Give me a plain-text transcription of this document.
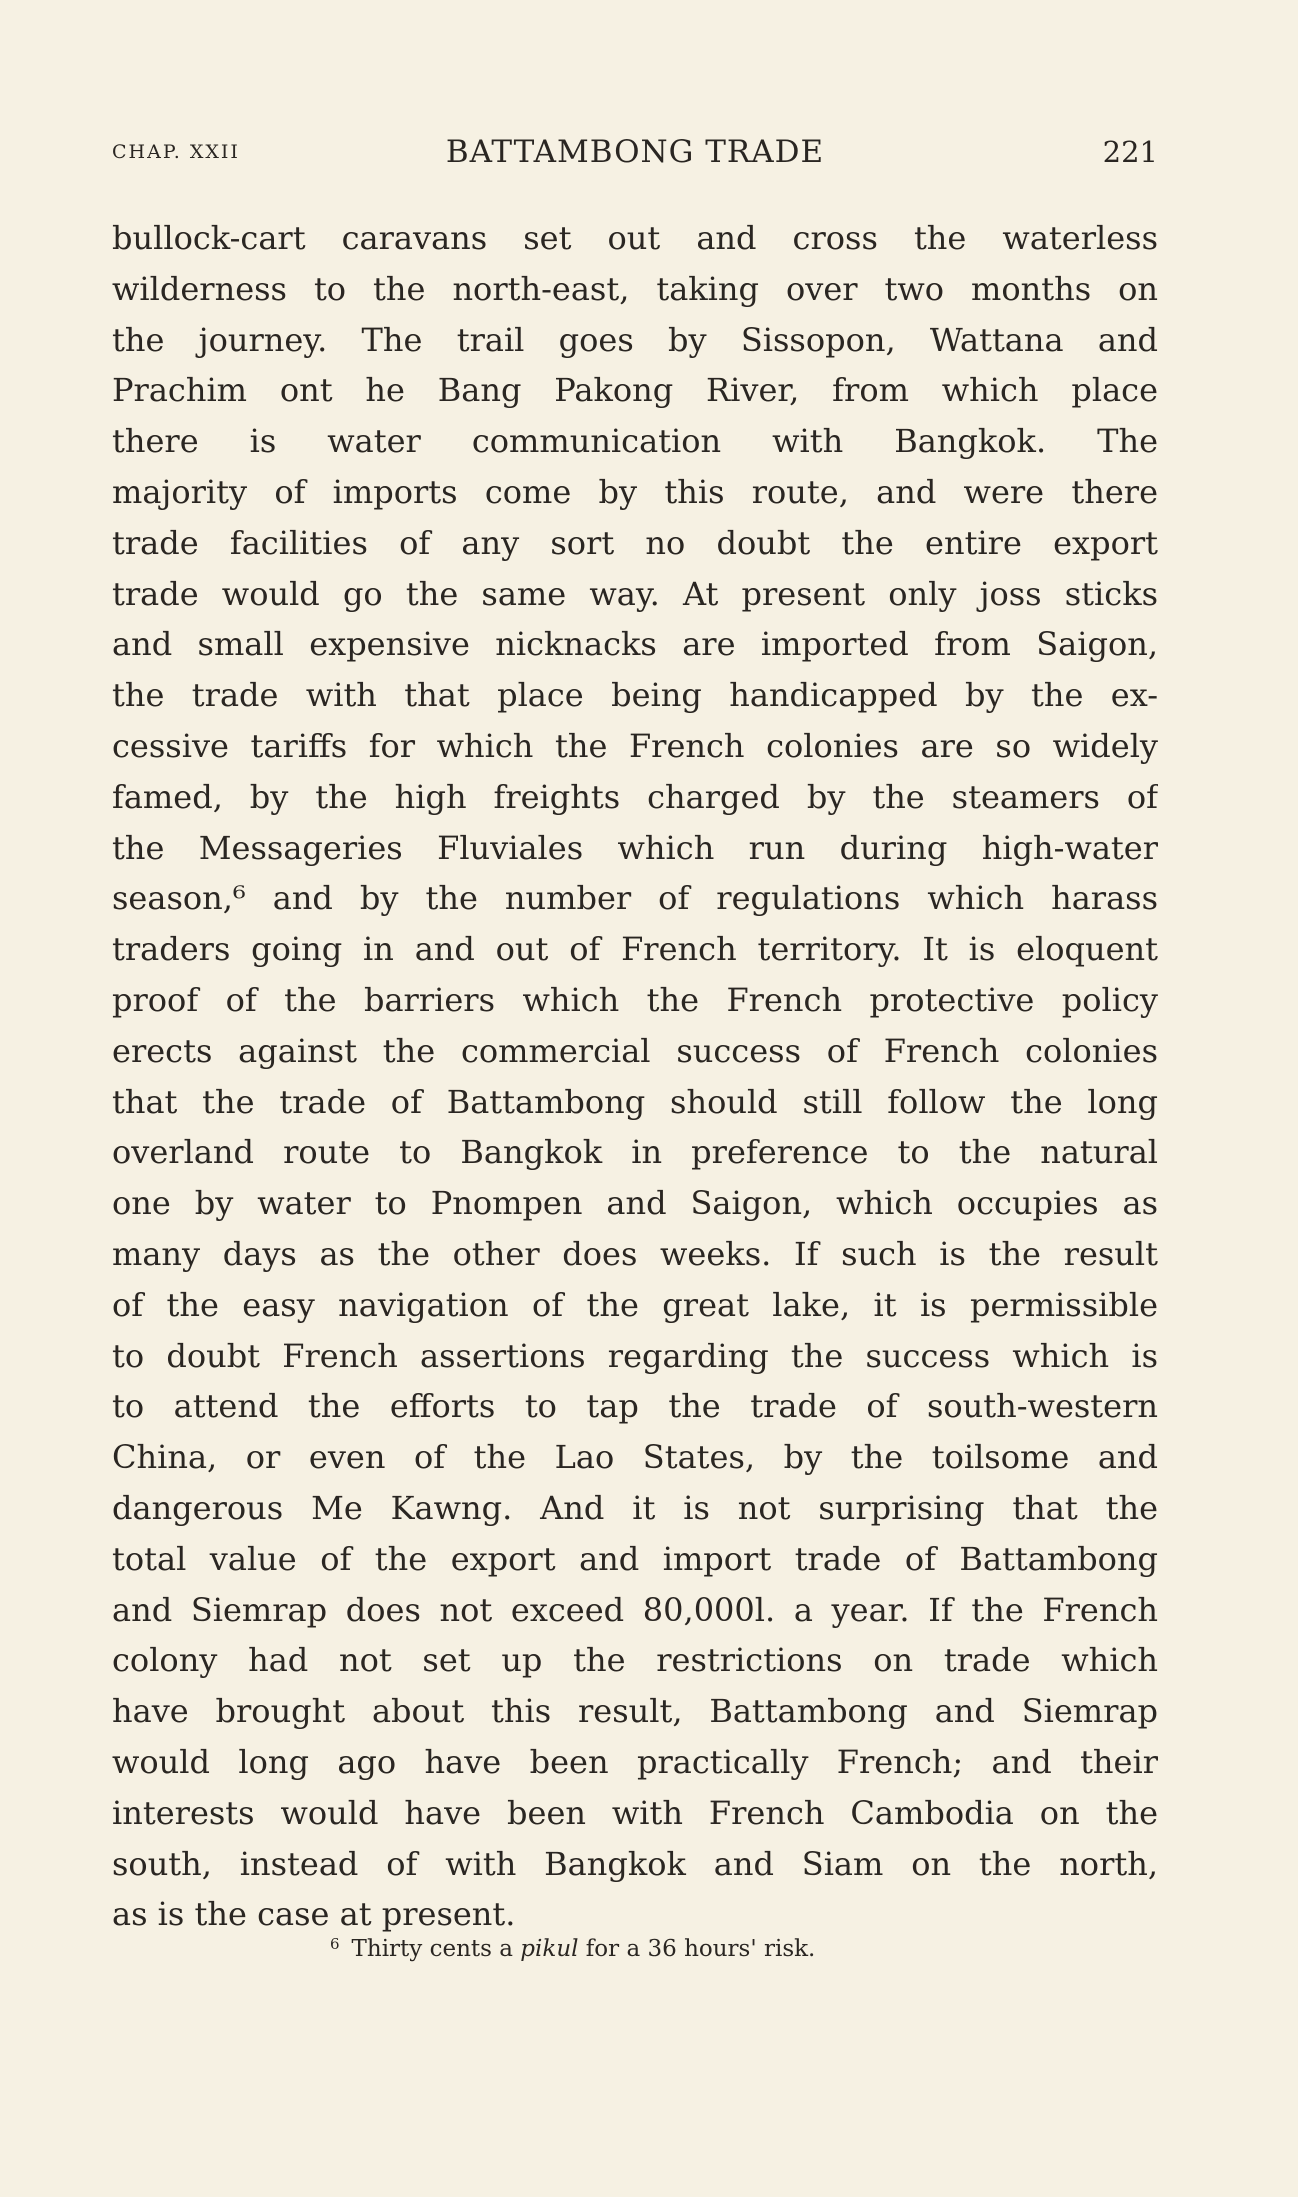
CHAP. XXII	BATTAMBONG TRADE	221
bullock-cart caravans set out and cross the waterless
wilderness to the north-east, taking over two months on
the journey. The trail goes by Sissopon, Wattana and
Prachim ont he Bang Pakong River, from which place
there is water communication with Bangkok. The
majority of imports come by this route, and were there
trade facilities of any sort no doubt the entire export
trade would go the same way. At present only joss sticks
and small expensive nicknacks are imported from Saigon,
the trade with that place being handicapped by the ex-
cessive tariffs for which the French colonies are so widely
famed, by the high freights charged by the steamers of
the Messageries Fluviales which run during high-water
season,⁶ and by the number of regulations which harass
traders going in and out of French territory. It is eloquent
proof of the barriers which the French protective policy
erects against the commercial success of French colonies
that the trade of Battambong should still follow the long
overland route to Bangkok in preference to the natural
one by water to Pnompen and Saigon, which occupies as
many days as the other does weeks. If such is the result
of the easy navigation of the great lake, it is permissible
to doubt French assertions regarding the success which is
to attend the efforts to tap the trade of south-western
China, or even of the Lao States, by the toilsome and
dangerous Me Kawng. And it is not surprising that the
total value of the export and import trade of Battambong
and Siemrap does not exceed 80,000l. a year. If the French
colony had not set up the restrictions on trade which
have brought about this result, Battambong and Siemrap
would long ago have been practically French; and their
interests would have been with French Cambodia on the
south, instead of with Bangkok and Siam on the north,
as is the case at present.
$^6$ Thirty cents a pikul for a 36 hours' risk.
